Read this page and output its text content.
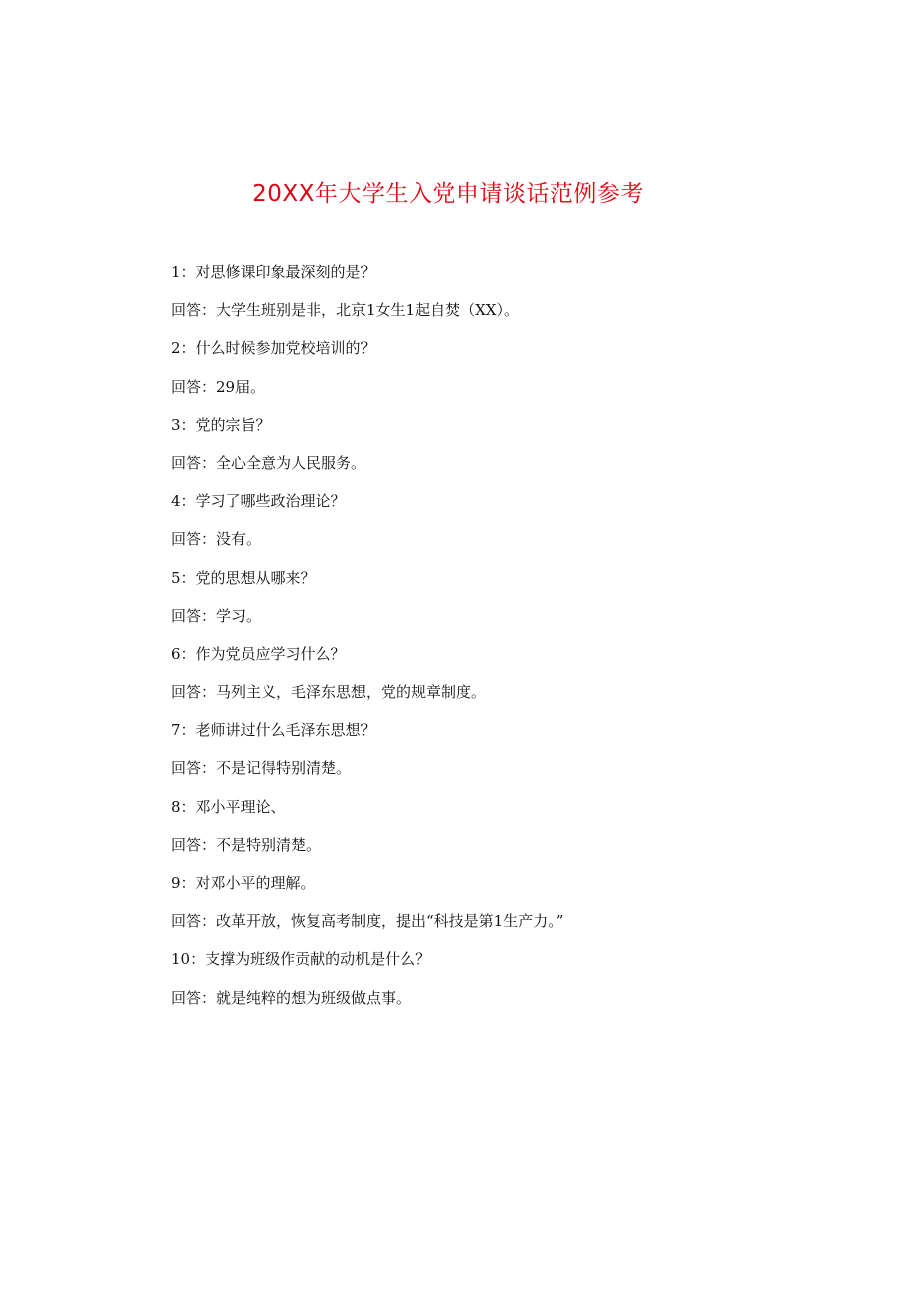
20XX年大学生入党申请谈话范例参考
1：对思修课印象最深刻的是？
回答：大学生班别是非，北京1女生1起自焚（XX）。
2：什么时候参加党校培训的？
回答：29届。
3：党的宗旨？
回答：全心全意为人民服务。
4：学习了哪些政治理论？
回答：没有。
5：党的思想从哪来？
回答：学习。
6：作为党员应学习什么？
回答：马列主义，毛泽东思想，党的规章制度。
7：老师讲过什么毛泽东思想？
回答：不是记得特别清楚。
8：邓小平理论、
回答：不是特别清楚。
9：对邓小平的理解。
回答：改革开放，恢复高考制度，提出“科技是第1生产力。”
10：支撑为班级作贡献的动机是什么？
回答：就是纯粹的想为班级做点事。
